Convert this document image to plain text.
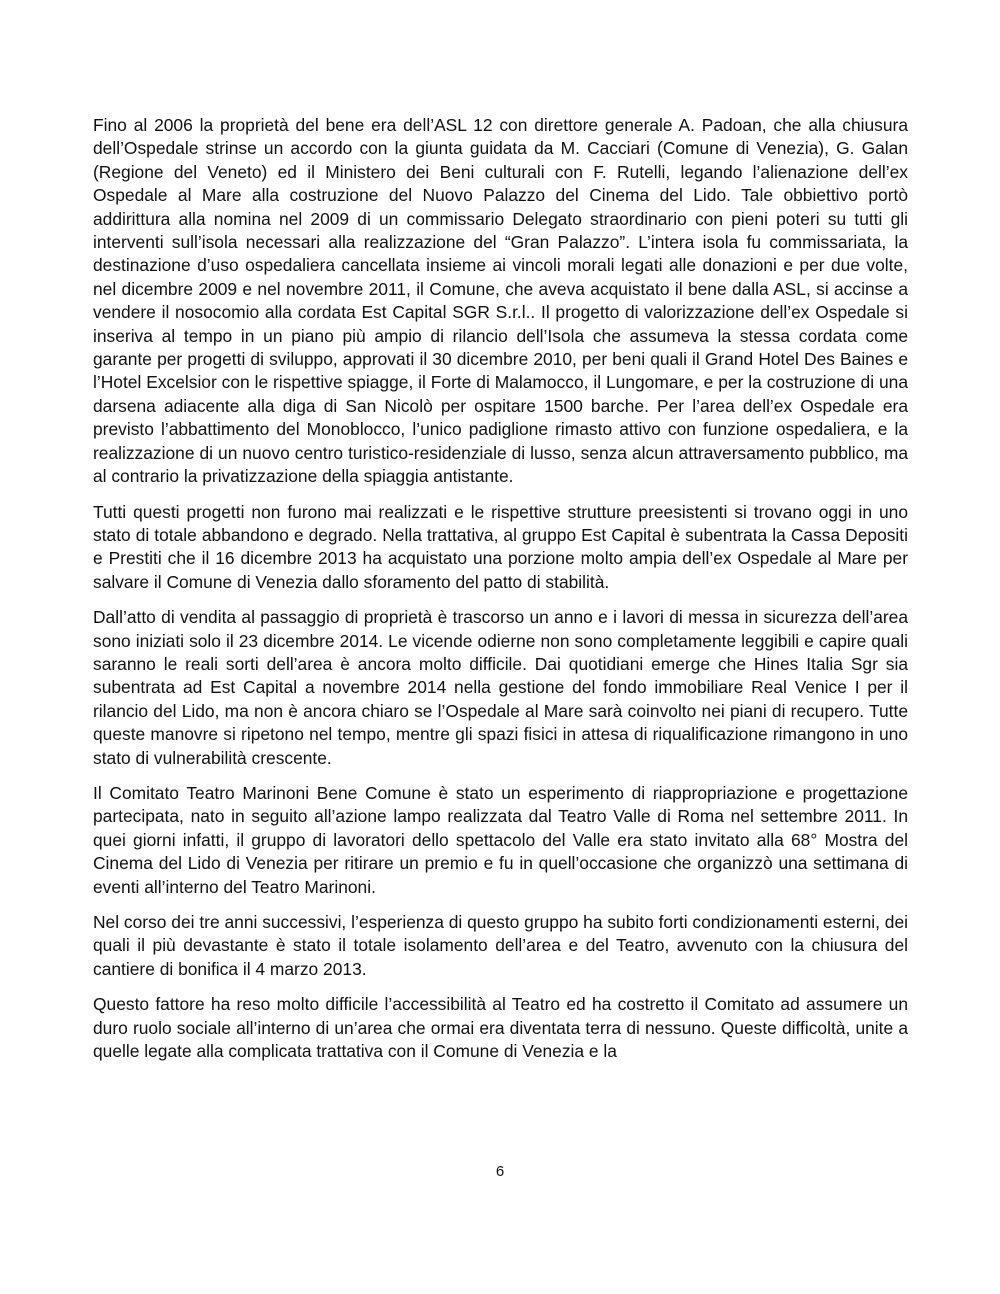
Fino al 2006 la proprietà del bene era dell’ASL 12 con direttore generale A. Padoan, che alla chiusura dell’Ospedale strinse un accordo con la giunta guidata da M. Cacciari (Comune di Venezia), G. Galan (Regione del Veneto) ed il Ministero dei Beni culturali con F. Rutelli, legando l’alienazione dell’ex Ospedale al Mare alla costruzione del Nuovo Palazzo del Cinema del Lido. Tale obbiettivo portò addirittura alla nomina nel 2009 di un commissario Delegato straordinario con pieni poteri su tutti gli interventi sull’isola necessari alla realizzazione del “Gran Palazzo”. L’intera isola fu commissariata, la destinazione d’uso ospedaliera cancellata insieme ai vincoli morali legati alle donazioni e per due volte, nel dicembre 2009 e nel novembre 2011, il Comune, che aveva acquistato il bene dalla ASL, si accinse a vendere il nosocomio alla cordata Est Capital SGR S.r.l.. Il progetto di valorizzazione dell’ex Ospedale si inseriva al tempo in un piano più ampio di rilancio dell’Isola che assumeva la stessa cordata come garante per progetti di sviluppo, approvati il 30 dicembre 2010, per beni quali il Grand Hotel Des Baines e l’Hotel Excelsior con le rispettive spiagge, il Forte di Malamocco, il Lungomare, e per la costruzione di una darsena adiacente alla diga di San Nicolò per ospitare 1500 barche. Per l’area dell’ex Ospedale era previsto l’abbattimento del Monoblocco, l’unico padiglione rimasto attivo con funzione ospedaliera, e la realizzazione di un nuovo centro turistico-residenziale di lusso, senza alcun attraversamento pubblico, ma al contrario la privatizzazione della spiaggia antistante.

Tutti questi progetti non furono mai realizzati e le rispettive strutture preesistenti si trovano oggi in uno stato di totale abbandono e degrado. Nella trattativa, al gruppo Est Capital è subentrata la Cassa Depositi e Prestiti che il 16 dicembre 2013 ha acquistato una porzione molto ampia dell’ex Ospedale al Mare per salvare il Comune di Venezia dallo sforamento del patto di stabilità.

Dall’atto di vendita al passaggio di proprietà è trascorso un anno e i lavori di messa in sicurezza dell’area sono iniziati solo il 23 dicembre 2014. Le vicende odierne non sono completamente leggibili e capire quali saranno le reali sorti dell’area è ancora molto difficile. Dai quotidiani emerge che Hines Italia Sgr sia subentrata ad Est Capital a novembre 2014 nella gestione del fondo immobiliare Real Venice I per il rilancio del Lido, ma non è ancora chiaro se l’Ospedale al Mare sarà coinvolto nei piani di recupero. Tutte queste manovre si ripetono nel tempo, mentre gli spazi fisici in attesa di riqualificazione rimangono in uno stato di vulnerabilità crescente.

Il Comitato Teatro Marinoni Bene Comune è stato un esperimento di riappropriazione e progettazione partecipata, nato in seguito all’azione lampo realizzata dal Teatro Valle di Roma nel settembre 2011. In quei giorni infatti, il gruppo di lavoratori dello spettacolo del Valle era stato invitato alla 68° Mostra del Cinema del Lido di Venezia per ritirare un premio e fu in quell’occasione che organizzò una settimana di eventi all’interno del Teatro Marinoni.

Nel corso dei tre anni successivi, l’esperienza di questo gruppo ha subito forti condizionamenti esterni, dei quali il più devastante è stato il totale isolamento dell’area e del Teatro, avvenuto con la chiusura del cantiere di bonifica il 4 marzo 2013.

Questo fattore ha reso molto difficile l’accessibilità al Teatro ed ha costretto il Comitato ad assumere un duro ruolo sociale all’interno di un’area che ormai era diventata terra di nessuno. Queste difficoltà, unite a quelle legate alla complicata trattativa con il Comune di Venezia e la

6
